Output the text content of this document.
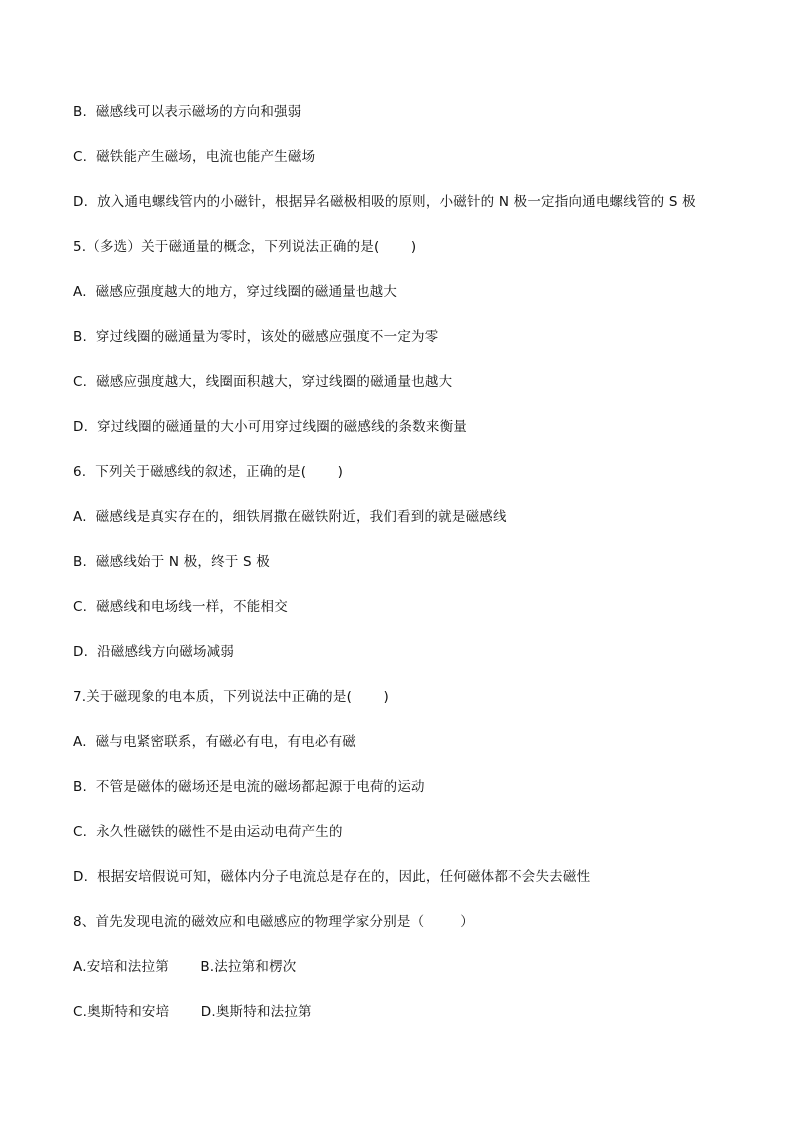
B.  磁感线可以表示磁场的方向和强弱
C.  磁铁能产生磁场，电流也能产生磁场
D.  放入通电螺线管内的小磁针，根据异名磁极相吸的原则，小磁针的 N 极一定指向通电螺线管的 S 极
5.（多选）关于磁通量的概念，下列说法正确的是(       )
A.  磁感应强度越大的地方，穿过线圈的磁通量也越大
B.  穿过线圈的磁通量为零时，该处的磁感应强度不一定为零
C.  磁感应强度越大，线圈面积越大，穿过线圈的磁通量也越大
D.  穿过线圈的磁通量的大小可用穿过线圈的磁感线的条数来衡量
6.  下列关于磁感线的叙述，正确的是(       )
A.  磁感线是真实存在的，细铁屑撒在磁铁附近，我们看到的就是磁感线
B.  磁感线始于 N 极，终于 S 极
C.  磁感线和电场线一样，不能相交
D.  沿磁感线方向磁场减弱
7.关于磁现象的电本质，下列说法中正确的是(       )
A.  磁与电紧密联系，有磁必有电，有电必有磁
B.  不管是磁体的磁场还是电流的磁场都起源于电荷的运动
C.  永久性磁铁的磁性不是由运动电荷产生的
D.  根据安培假说可知，磁体内分子电流总是存在的，因此，任何磁体都不会失去磁性
8、首先发现电流的磁效应和电磁感应的物理学家分别是（        ）
A.安培和法拉第       B.法拉第和楞次
C.奥斯特和安培       D.奥斯特和法拉第
